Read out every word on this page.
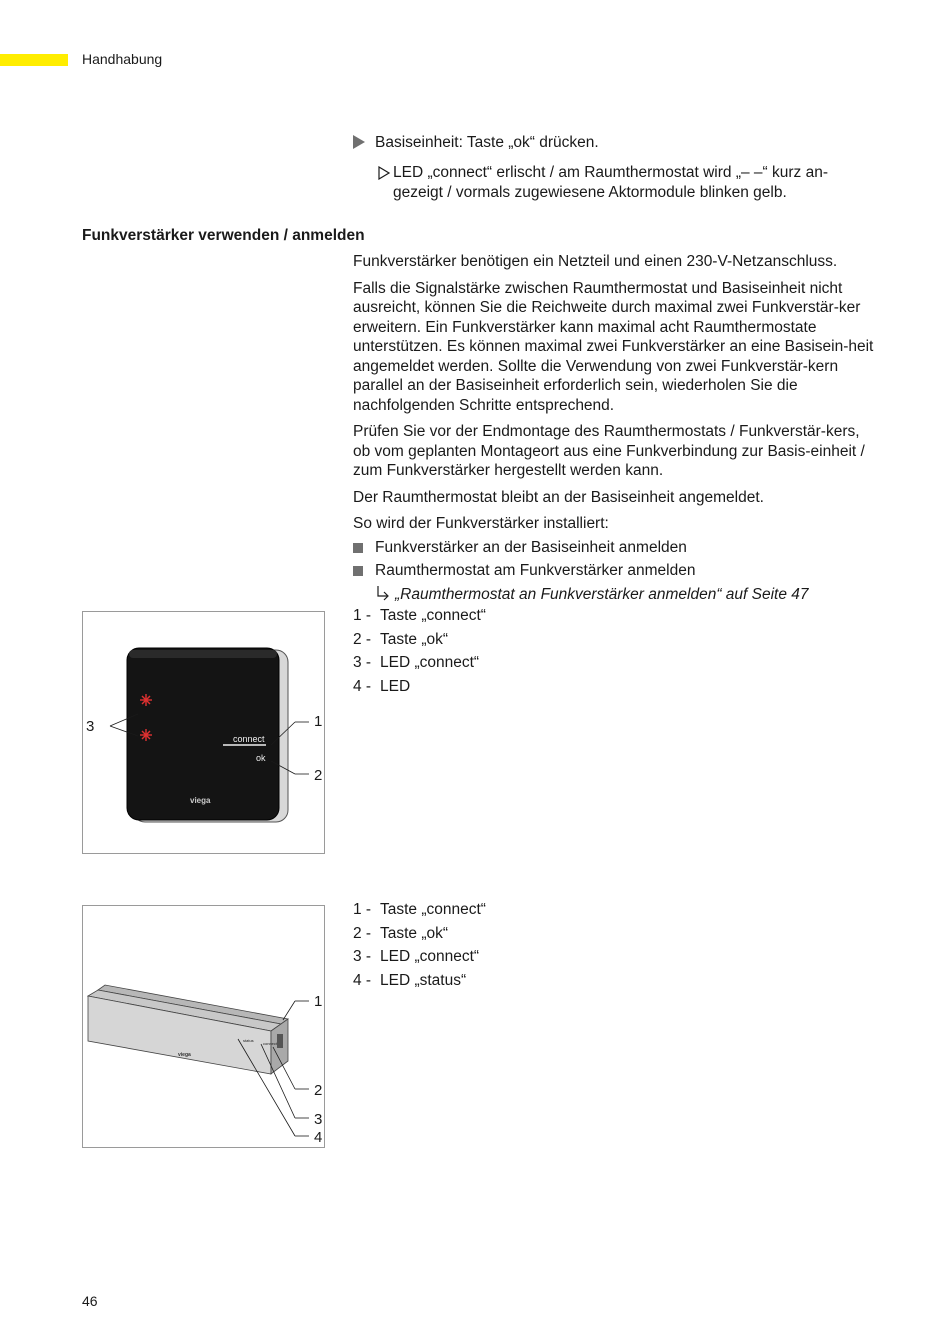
Handhabung
Basiseinheit: Taste „ok“ drücken.
LED „connect“ erlischt / am Raumthermostat wird „– –“ kurz an-gezeigt / vormals zugewiesene Aktormodule blinken gelb.
Funkverstärker verwenden / anmelden

Funkverstärker benötigen ein Netzteil und einen 230-V-Netzanschluss.

Falls die Signalstärke zwischen Raumthermostat und Basiseinheit nicht ausreicht, können Sie die Reichweite durch maximal zwei Funkverstär-ker erweitern. Ein Funkverstärker kann maximal acht Raumthermostate unterstützen. Es können maximal zwei Funkverstärker an eine Basisein-heit angemeldet werden. Sollte die Verwendung von zwei Funkverstär-kern parallel an der Basiseinheit erforderlich sein, wiederholen Sie die nachfolgenden Schritte entsprechend.

Prüfen Sie vor der Endmontage des Raumthermostats / Funkverstär-kers, ob vom geplanten Montageort aus eine Funkverbindung zur Basis-einheit / zum Funkverstärker hergestellt werden kann.

Der Raumthermostat bleibt an der Basiseinheit angemeldet.

So wird der Funkverstärker installiert:

Funkverstärker an der Basiseinheit anmelden
Raumthermostat am Funkverstärker anmelden
„Raumthermostat an Funkverstärker anmelden“ auf Seite 47
connect
ok
viega
3	1
2
1 - Taste „connect“
2 - Taste „ok“
3 - LED „connect“
4 - LED
status
connect
viega
1
2
3
4
1 - Taste „connect“
2 - Taste „ok“
3 - LED „connect“
4 - LED „status“
46
